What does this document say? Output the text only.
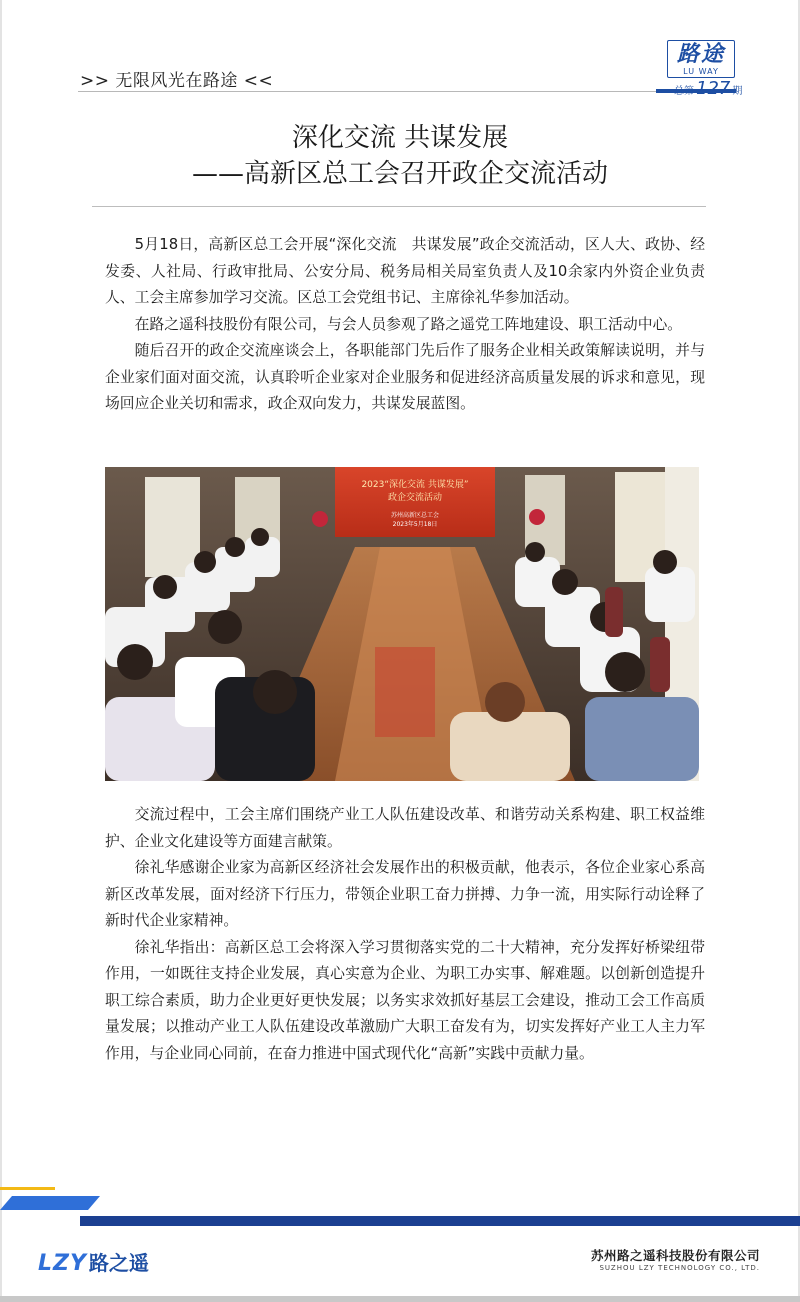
>> 无限风光在路途 <<
路途
LU WAY
总第 127 期
深化交流 共谋发展
——高新区总工会召开政企交流活动

5月18日，高新区总工会开展“深化交流　共谋发展”政企交流活动，区人大、政协、经发委、人社局、行政审批局、公安分局、税务局相关局室负责人及10余家内外资企业负责人、工会主席参加学习交流。区总工会党组书记、主席徐礼华参加活动。

在路之遥科技股份有限公司，与会人员参观了路之遥党工阵地建设、职工活动中心。

随后召开的政企交流座谈会上，各职能部门先后作了服务企业相关政策解读说明，并与企业家们面对面交流，认真聆听企业家对企业服务和促进经济高质量发展的诉求和意见，现场回应企业关切和需求，政企双向发力，共谋发展蓝图。

2023“深化交流 共谋发展”
政企交流活动
苏州高新区总工会
2023年5月18日

交流过程中，工会主席们围绕产业工人队伍建设改革、和谐劳动关系构建、职工权益维护、企业文化建设等方面建言献策。

徐礼华感谢企业家为高新区经济社会发展作出的积极贡献，他表示，各位企业家心系高新区改革发展，面对经济下行压力，带领企业职工奋力拼搏、力争一流，用实际行动诠释了新时代企业家精神。

徐礼华指出：高新区总工会将深入学习贯彻落实党的二十大精神，充分发挥好桥梁纽带作用，一如既往支持企业发展，真心实意为企业、为职工办实事、解难题。以创新创造提升职工综合素质，助力企业更好更快发展；以务实求效抓好基层工会建设，推动工会工作高质量发展；以推动产业工人队伍建设改革激励广大职工奋发有为，切实发挥好产业工人主力军作用，与企业同心同前，在奋力推进中国式现代化“高新”实践中贡献力量。

LZY 路之遥	苏州路之遥科技股份有限公司
SUZHOU LZY TECHNOLOGY CO., LTD.
